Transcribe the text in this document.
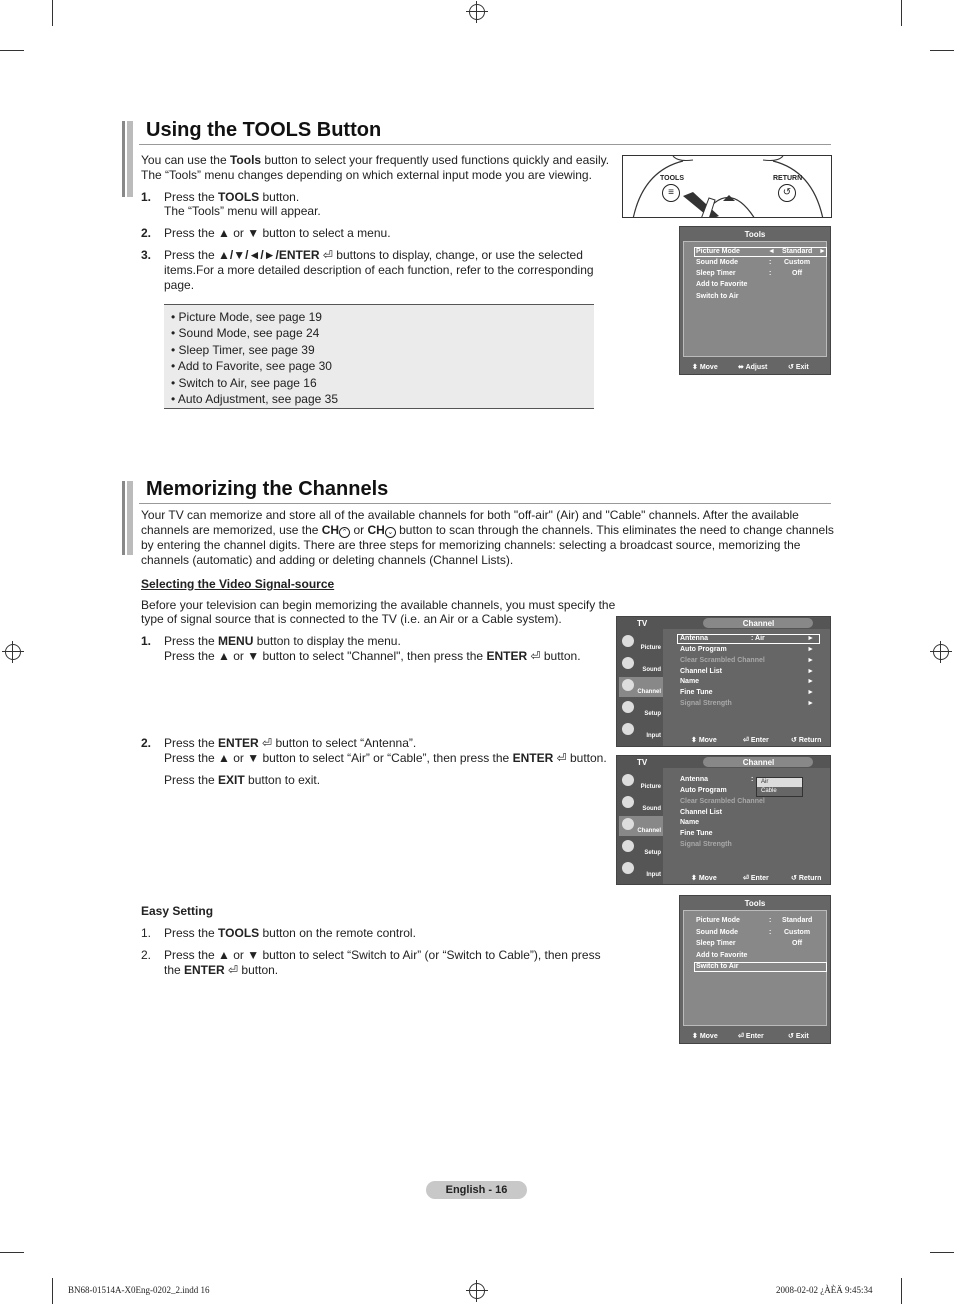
Using the TOOLS Button
You can use the Tools button to select your frequently used functions quickly and easily.
The “Tools” menu changes depending on which external input mode you are viewing.
1. Press the TOOLS button.
The “Tools” menu will appear.
2. Press the ▲ or ▼ button to select a menu.
3. Press the ▲/▼/◄/►/ENTER ⏎ buttons to display, change, or use the selected
items.For a more detailed description of each function, refer to the corresponding
page.
• Picture Mode, see page 19
• Sound Mode, see page 24
• Sleep Timer, see page 39
• Add to Favorite, see page 30
• Switch to Air, see page 16
• Auto Adjustment, see page 35
TOOLS
≡
RETURN
↺
Tools
Picture Mode	◄ Standard ►
Sound Mode	: Custom
Sleep Timer	:	Off
Add to Favorite
Switch to Air
⬍ Move	⬌ Adjust	↺ Exit
Memorizing the Channels
Your TV can memorize and store all of the available channels for both "off-air" (Air) and "Cable" channels. After the available
channels are memorized, use the CH ⌃ or CH ⌄ button to scan through the channels. This eliminates the need to change channels
by entering the channel digits. There are three steps for memorizing channels: selecting a broadcast source, memorizing the
channels (automatic) and adding or deleting channels (Channel Lists).
Selecting the Video Signal-source
Before your television can begin memorizing the available channels, you must specify the
type of signal source that is connected to the TV (i.e. an Air or a Cable system).
1. Press the MENU button to display the menu.
Press the ▲ or ▼ button to select "Channel", then press the ENTER ⏎ button.
2. Press the ENTER ⏎ button to select “Antenna”.
Press the ▲ or ▼ button to select “Air” or “Cable”, then press the ENTER ⏎ button.
Press the EXIT button to exit.
Easy Setting
1. Press the TOOLS button on the remote control.
2. Press the ▲ or ▼ button to select “Switch to Air” (or “Switch to Cable”), then press
the ENTER ⏎ button.
TV	Channel
Picture
Sound
Channel
Setup
Input
Antenna	: Air	►
Auto Program	►
Clear Scrambled Channel	►
Channel List	►
Name	►
Fine Tune	►
Signal Strength	►
⬍ Move	⏎ Enter	↺ Return
TV	Channel
Picture
Sound
Channel
Setup
Input
Antenna	:
Auto Program
Clear Scrambled Channel
Channel List
Name
Fine Tune
Signal Strength
Air
Cable
⬍ Move	⏎ Enter	↺ Return
Tools
Picture Mode	: Standard
Sound Mode	: Custom
Sleep Timer	Off
Add to Favorite
Switch to Air
⬍ Move	⏎ Enter	↺ Exit
English - 16
BN68-01514A-X0Eng-0202_2.indd 16	2008-02-02 ¿ÀÈÄ 9:45:34
